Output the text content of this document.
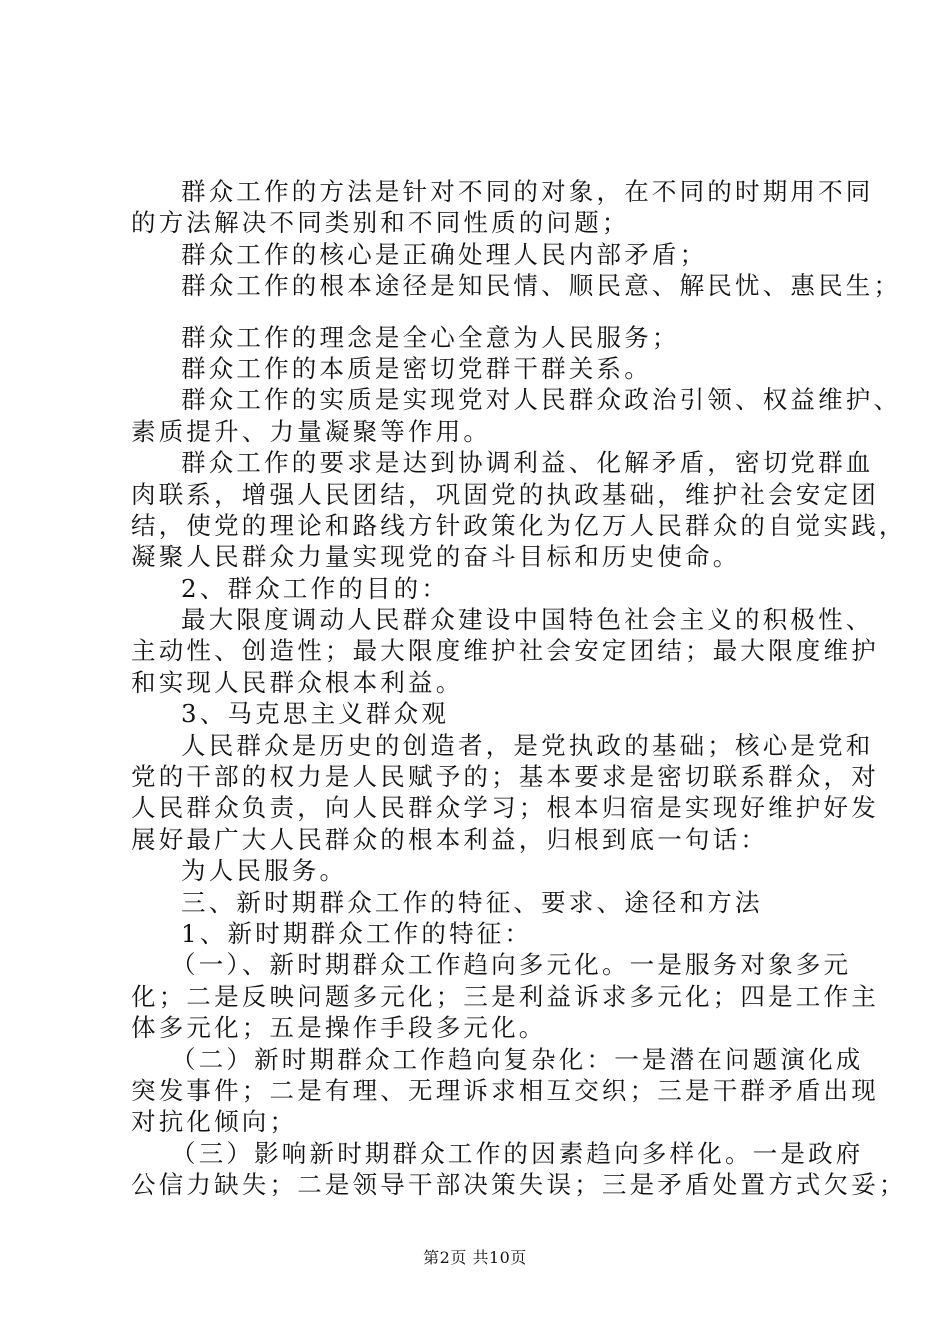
群众工作的方法是针对不同的对象，在不同的时期用不同
的方法解决不同类别和不同性质的问题；
群众工作的核心是正确处理人民内部矛盾；
群众工作的根本途径是知民情、顺民意、解民忧、惠民生；
群众工作的理念是全心全意为人民服务；
群众工作的本质是密切党群干群关系。
群众工作的实质是实现党对人民群众政治引领、权益维护、
素质提升、力量凝聚等作用。
群众工作的要求是达到协调利益、化解矛盾，密切党群血
肉联系，增强人民团结，巩固党的执政基础，维护社会安定团
结，使党的理论和路线方针政策化为亿万人民群众的自觉实践，
凝聚人民群众力量实现党的奋斗目标和历史使命。
2、群众工作的目的：
最大限度调动人民群众建设中国特色社会主义的积极性、
主动性、创造性；最大限度维护社会安定团结；最大限度维护
和实现人民群众根本利益。
3、马克思主义群众观
人民群众是历史的创造者，是党执政的基础；核心是党和
党的干部的权力是人民赋予的；基本要求是密切联系群众，对
人民群众负责，向人民群众学习；根本归宿是实现好维护好发
展好最广大人民群众的根本利益，归根到底一句话：
为人民服务。
三、新时期群众工作的特征、要求、途径和方法
1、新时期群众工作的特征：
（一）、新时期群众工作趋向多元化。一是服务对象多元
化；二是反映问题多元化；三是利益诉求多元化；四是工作主
体多元化；五是操作手段多元化。
（二）新时期群众工作趋向复杂化：一是潜在问题演化成
突发事件；二是有理、无理诉求相互交织；三是干群矛盾出现
对抗化倾向；
（三）影响新时期群众工作的因素趋向多样化。一是政府
公信力缺失；二是领导干部决策失误；三是矛盾处置方式欠妥；
第2页 共10页
